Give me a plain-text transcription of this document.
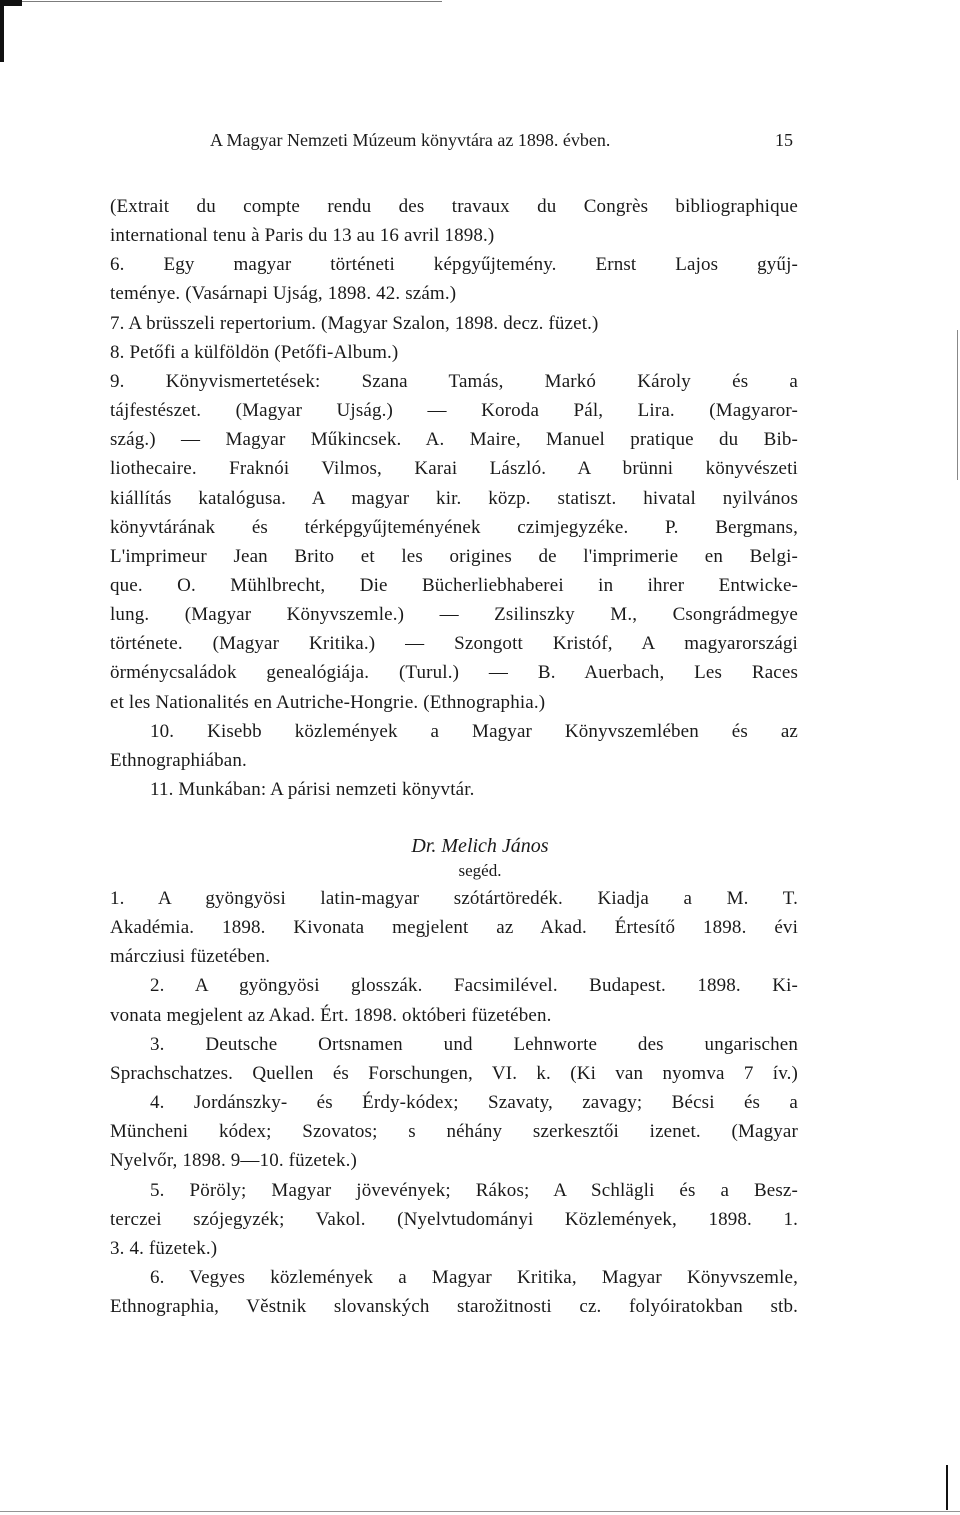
A Magyar Nemzeti Múzeum könyvtára az 1898. évben.	15
(Extrait du compte rendu des travaux du Congrès bibliographique
international tenu à Paris du 13 au 16 avril 1898.)
6. Egy magyar történeti képgyűjtemény. Ernst Lajos gyűj-
teménye. (Vasárnapi Ujság, 1898. 42. szám.)
7. A brüsszeli repertorium. (Magyar Szalon, 1898. decz. füzet.)
8. Petőfi a külföldön (Petőfi-Album.)
9. Könyvismertetések: Szana Tamás, Markó Károly és a
tájfestészet. (Magyar Ujság.) — Koroda Pál, Lira. (Magyaror-
szág.) — Magyar Műkincsek. A. Maire, Manuel pratique du Bib-
liothecaire. Fraknói Vilmos, Karai László. A brünni könyvészeti
kiállítás katalógusa. A magyar kir. közp. statiszt. hivatal nyilvános
könyvtárának és térképgyűjteményének czimjegyzéke. P. Bergmans,
L'imprimeur Jean Brito et les origines de l'imprimerie en Belgi-
que. O. Mühlbrecht, Die Bücherliebhaberei in ihrer Entwicke-
lung. (Magyar Könyvszemle.) — Zsilinszky M., Csongrádmegye
története. (Magyar Kritika.) — Szongott Kristóf, A magyarországi
örménycsaládok genealógiája. (Turul.) — B. Auerbach, Les Races
et les Nationalités en Autriche-Hongrie. (Ethnographia.)
10. Kisebb közlemények a Magyar Könyvszemlében és az
Ethnographiában.
11. Munkában: A párisi nemzeti könyvtár.
Dr. Melich János
segéd.
1. A gyöngyösi latin-magyar szótártöredék. Kiadja a M. T.
Akadémia. 1898. Kivonata megjelent az Akad. Értesítő 1898. évi
márcziusi füzetében.
2. A gyöngyösi glosszák. Facsimilével. Budapest. 1898. Ki-
vonata megjelent az Akad. Ért. 1898. októberi füzetében.
3. Deutsche Ortsnamen und Lehnworte des ungarischen
Sprachschatzes. Quellen és Forschungen, VI. k. (Ki van nyomva 7 ív.)
4. Jordánszky- és Érdy-kódex; Szavaty, zavagy; Bécsi és a
Müncheni kódex; Szovatos; s néhány szerkesztői izenet. (Magyar
Nyelvőr, 1898. 9—10. füzetek.)
5. Pöröly; Magyar jövevények; Rákos; A Schlägli és a Besz-
terczei szójegyzék; Vakol. (Nyelvtudományi Közlemények, 1898. 1.
3. 4. füzetek.)
6. Vegyes közlemények a Magyar Kritika, Magyar Könyvszemle,
Ethnographia, Věstnik slovanských starožitnosti cz. folyóiratokban stb.
